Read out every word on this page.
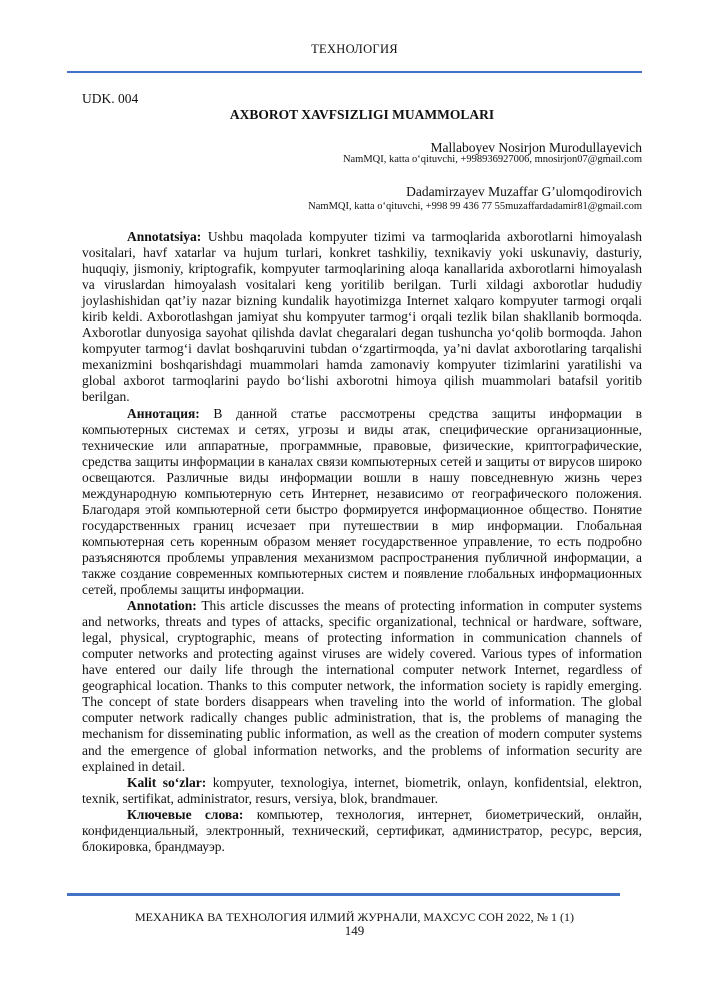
ТЕХНОЛОГИЯ
UDK. 004
AXBOROT XAVFSIZLIGI MUAMMOLARI
Mallaboyev Nosirjon Murodullayevich
NamMQI, katta o‘qituvchi, +998936927006, mnosirjon07@gmail.com
Dadamirzayev Muzaffar G’ulomqodirovich
NamMQI, katta o‘qituvchi, +998 99 436 77 55muzaffardadamir81@gmail.com

Annotatsiya: Ushbu maqolada kompyuter tizimi va tarmoqlarida axborotlarni himoyalash vositalari, havf xatarlar va hujum turlari, konkret tashkiliy, texnikaviy yoki uskunaviy, dasturiy, huquqiy, jismoniy, kriptografik, kompyuter tarmoqlarining aloqa kanallarida axborotlarni himoyalash va viruslardan himoyalash vositalari keng yoritilib berilgan. Turli xildagi axborotlar hududiy joylashishidan qat’iy nazar bizning kundalik hayotimizga Internet xalqaro kompyuter tarmogi orqali kirib keldi. Axborotlashgan jamiyat shu kompyuter tarmog‘i orqali tezlik bilan shakllanib bormoqda. Axborotlar dunyosiga sayohat qilishda davlat chegaralari degan tushuncha yo‘qolib bormoqda. Jahon kompyuter tarmog‘i davlat boshqaruvini tubdan o‘zgartirmoqda, ya’ni davlat axborotlaring tarqalishi mexanizmini boshqarishdagi muammolari hamda zamonaviy kompyuter tizimlarini yaratilishi va global axborot tarmoqlarini paydo bo‘lishi axborotni himoya qilish muammolari batafsil yoritib berilgan.

Аннотация: В данной статье рассмотрены средства защиты информации в компьютерных системах и сетях, угрозы и виды атак, специфические организационные, технические или аппаратные, программные, правовые, физические, криптографические, средства защиты информации в каналах связи компьютерных сетей и защиты от вирусов широко освещаются. Различные виды информации вошли в нашу повседневную жизнь через международную компьютерную сеть Интернет, независимо от географического положения. Благодаря этой компьютерной сети быстро формируется информационное общество. Понятие государственных границ исчезает при путешествии в мир информации. Глобальная компьютерная сеть коренным образом меняет государственное управление, то есть подробно разъясняются проблемы управления механизмом распространения публичной информации, а также создание современных компьютерных систем и появление глобальных информационных сетей, проблемы защиты информации.

Annotation: This article discusses the means of protecting information in computer systems and networks, threats and types of attacks, specific organizational, technical or hardware, software, legal, physical, cryptographic, means of protecting information in communication channels of computer networks and protecting against viruses are widely covered. Various types of information have entered our daily life through the international computer network Internet, regardless of geographical location. Thanks to this computer network, the information society is rapidly emerging. The concept of state borders disappears when traveling into the world of information. The global computer network radically changes public administration, that is, the problems of managing the mechanism for disseminating public information, as well as the creation of modern computer systems and the emergence of global information networks, and the problems of information security are explained in detail.

Kalit so‘zlar: kompyuter, texnologiya, internet, biometrik, onlayn, konfidentsial, elektron, texnik, sertifikat, administrator, resurs, versiya, blok, brandmauer.

Ключевые слова: компьютер, технология, интернет, биометрический, онлайн, конфиденциальный, электронный, технический, сертификат, администратор, ресурс, версия, блокировка, брандмауэр.

МЕХАНИКА ВА ТЕХНОЛОГИЯ ИЛМИЙ ЖУРНАЛИ, МАХСУС СОН 2022, № 1 (1)
149
